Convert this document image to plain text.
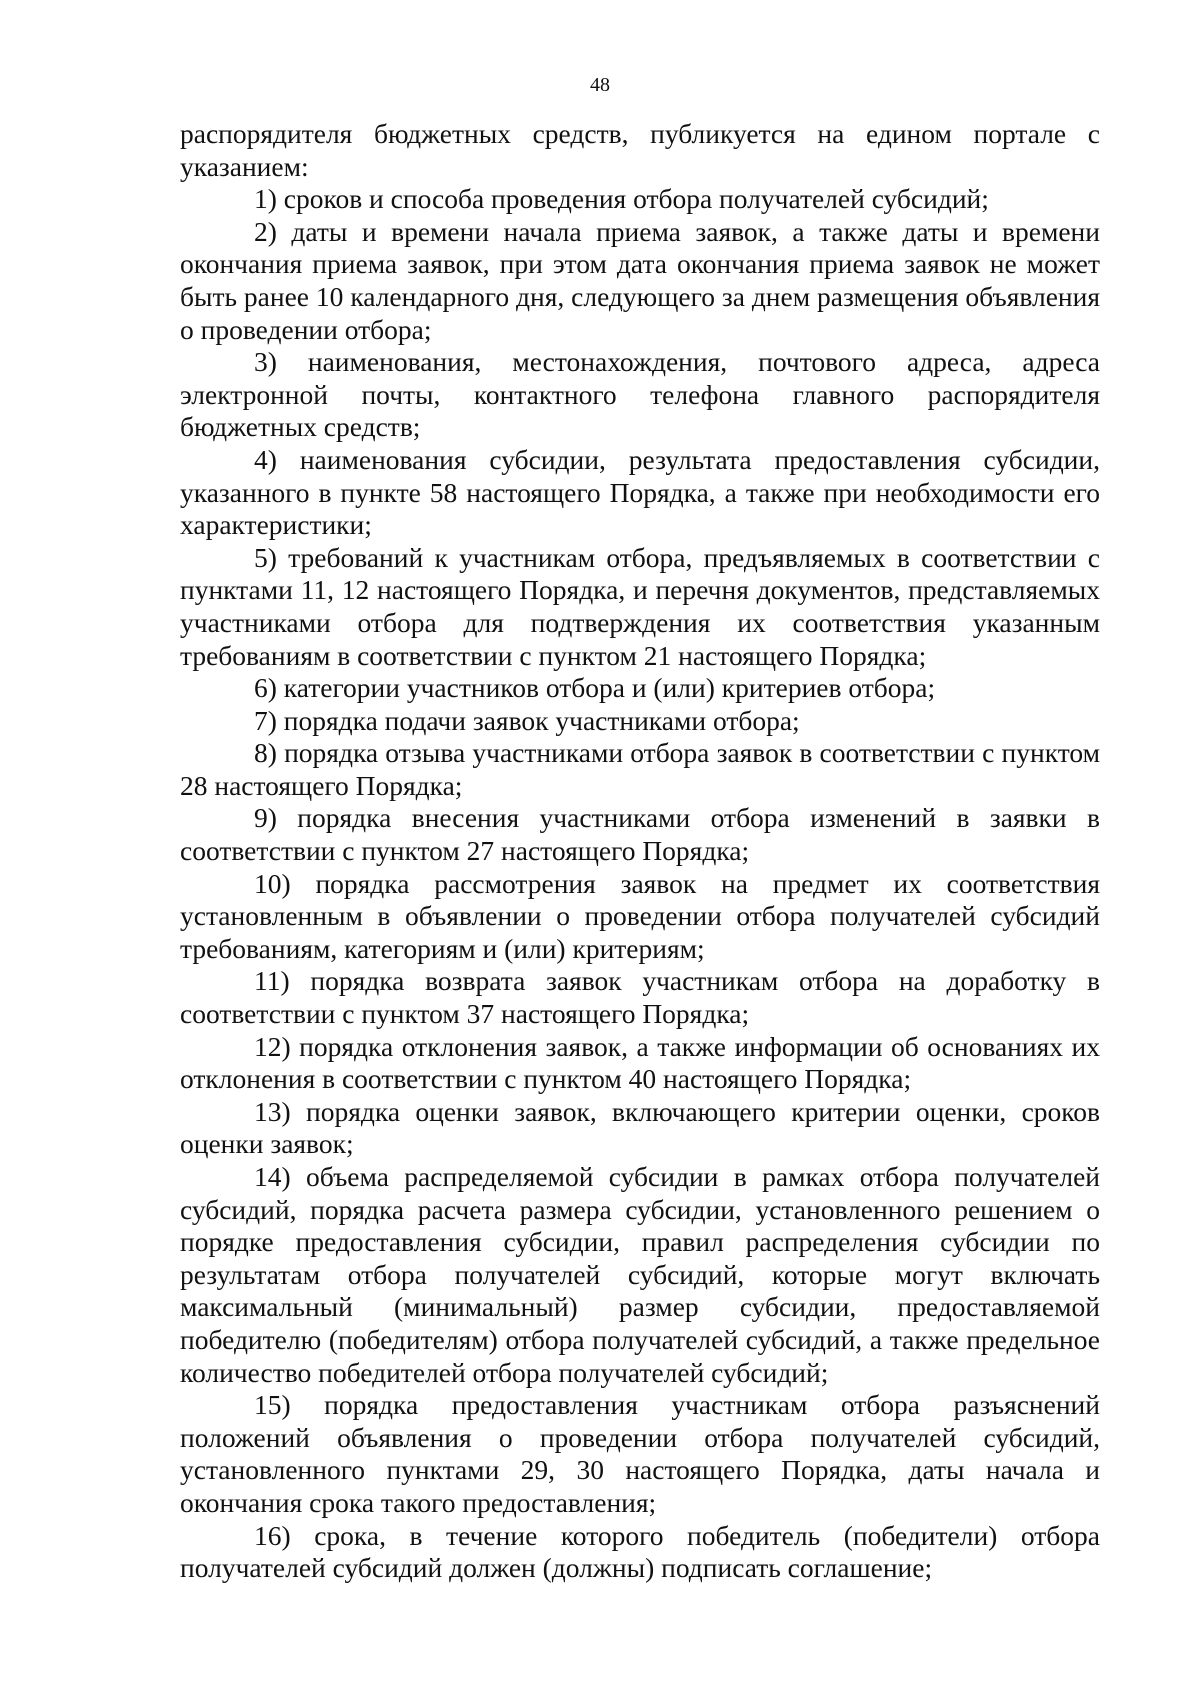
48

распорядителя бюджетных средств, публикуется на едином портале с указанием:

1) сроков и способа проведения отбора получателей субсидий;

2) даты и времени начала приема заявок, а также даты и времени окончания приема заявок, при этом дата окончания приема заявок не может быть ранее 10 календарного дня, следующего за днем размещения объявления о проведении отбора;

3) наименования, местонахождения, почтового адреса, адреса электронной почты, контактного телефона главного распорядителя бюджетных средств;

4) наименования субсидии, результата предоставления субсидии, указанного в пункте 58 настоящего Порядка, а также при необходимости его характеристики;

5) требований к участникам отбора, предъявляемых в соответствии с пунктами 11, 12 настоящего Порядка, и перечня документов, представляемых участниками отбора для подтверждения их соответствия указанным требованиям в соответствии с пунктом 21 настоящего Порядка;

6) категории участников отбора и (или) критериев отбора;

7) порядка подачи заявок участниками отбора;

8) порядка отзыва участниками отбора заявок в соответствии с пунктом 28 настоящего Порядка;

9) порядка внесения участниками отбора изменений в заявки в соответствии с пунктом 27 настоящего Порядка;

10) порядка рассмотрения заявок на предмет их соответствия установленным в объявлении о проведении отбора получателей субсидий требованиям, категориям и (или) критериям;

11) порядка возврата заявок участникам отбора на доработку в соответствии с пунктом 37 настоящего Порядка;

12) порядка отклонения заявок, а также информации об основаниях их отклонения в соответствии с пунктом 40 настоящего Порядка;

13) порядка оценки заявок, включающего критерии оценки, сроков оценки заявок;

14) объема распределяемой субсидии в рамках отбора получателей субсидий, порядка расчета размера субсидии, установленного решением о порядке предоставления субсидии, правил распределения субсидии по результатам отбора получателей субсидий, которые могут включать максимальный (минимальный) размер субсидии, предоставляемой победителю (победителям) отбора получателей субсидий, а также предельное количество победителей отбора получателей субсидий;

15) порядка предоставления участникам отбора разъяснений положений объявления о проведении отбора получателей субсидий, установленного пунктами 29, 30 настоящего Порядка, даты начала и окончания срока такого предоставления;

16) срока, в течение которого победитель (победители) отбора получателей субсидий должен (должны) подписать соглашение;
